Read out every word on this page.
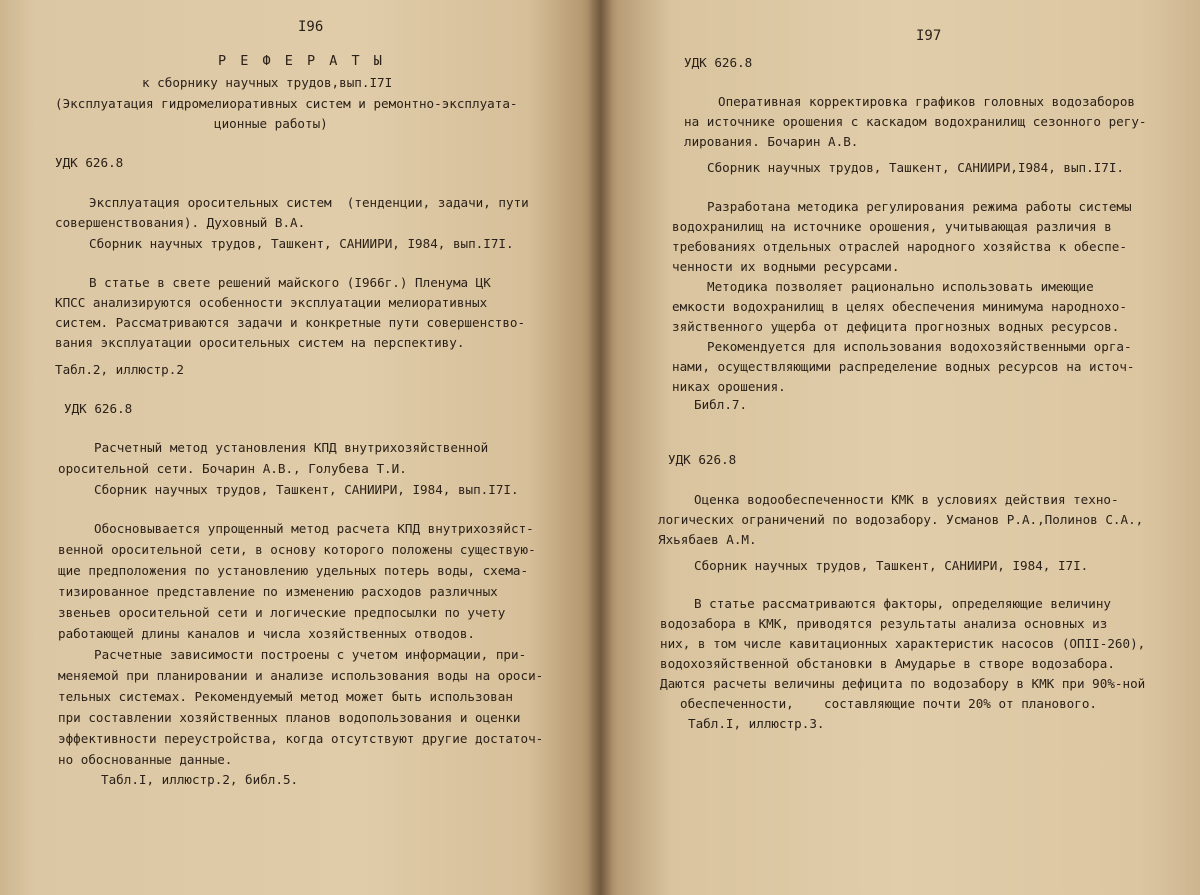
I96
Р Е Ф Е Р А Т Ы
к сборнику научных трудов,вып.I7I
(Эксплуатация гидромелиоративных систем и ремонтно-эксплуата-
ционные работы)
УДК 626.8
Эксплуатация оросительных систем  (тенденции, задачи, пути
совершенствования). Духовный В.А.
Сборник научных трудов, Ташкент, САНИИРИ, I984, вып.I7I.
В статье в свете решений майского (I966г.) Пленума ЦК
КПСС анализируются особенности эксплуатации мелиоративных
систем. Рассматриваются задачи и конкретные пути совершенство-
вания эксплуатации оросительных систем на перспективу.
Табл.2, иллюстр.2
УДК 626.8
Расчетный метод установления КПД внутрихозяйственной
оросительной сети. Бочарин А.В., Голубева Т.И.
Сборник научных трудов, Ташкент, САНИИРИ, I984, вып.I7I.
Обосновывается упрощенный метод расчета КПД внутрихозяйст-
венной оросительной сети, в основу которого положены существую-
щие предположения по установлению удельных потерь воды, схема-
тизированное представление по изменению расходов различных
звеньев оросительной сети и логические предпосылки по учету
работающей длины каналов и числа хозяйственных отводов.
Расчетные зависимости построены с учетом информации, при-
меняемой при планировании и анализе использования воды на ороси-
тельных системах. Рекомендуемый метод может быть использован
при составлении хозяйственных планов водопользования и оценки
эффективности переустройства, когда отсутствуют другие достаточ-
но обоснованные данные.
Табл.I, иллюстр.2, библ.5.
I97
УДК 626.8
Оперативная корректировка графиков головных водозаборов
на источнике орошения с каскадом водохранилищ сезонного регу-
лирования. Бочарин А.В.
Сборник научных трудов, Ташкент, САНИИРИ,I984, вып.I7I.
Разработана методика регулирования режима работы системы
водохранилищ на источнике орошения, учитывающая различия в
требованиях отдельных отраслей народного хозяйства к обеспе-
ченности их водными ресурсами.
Методика позволяет рационально использовать имеющие
емкости водохранилищ в целях обеспечения минимума народнохо-
зяйственного ущерба от дефицита прогнозных водных ресурсов.
Рекомендуется для использования водохозяйственными орга-
нами, осуществляющими распределение водных ресурсов на источ-
никах орошения.
Библ.7.
УДК 626.8
Оценка водообеспеченности КМК в условиях действия техно-
логических ограничений по водозабору. Усманов Р.А.,Полинов С.А.,
Яхьябаев А.М.
Сборник научных трудов, Ташкент, САНИИРИ, I984, I7I.
В статье рассматриваются факторы, определяющие величину
водозабора в КМК, приводятся результаты анализа основных из
них, в том числе кавитационных характеристик насосов (ОПII-260),
водохозяйственной обстановки в Амударье в створе водозабора.
Даются расчеты величины дефицита по водозабору в КМК при 90%-ной
обеспеченности,    составляющие почти 20% от планового.
Табл.I, иллюстр.3.
